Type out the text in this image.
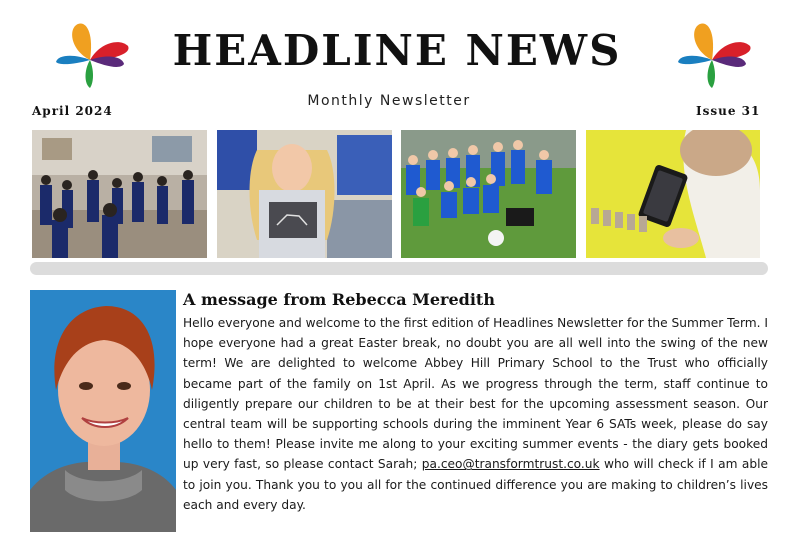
HEADLINE NEWS
Monthly Newsletter
April 2024	Issue 31
A message from Rebecca Meredith
Hello everyone and welcome to the first edition of Headlines Newsletter for the Summer Term. I hope everyone had a great Easter break, no doubt you are all well into the swing of the new term! We are delighted to welcome Abbey Hill Primary School to the Trust who officially became part of the family on 1st April. As we progress through the term, staff continue to diligently prepare our children to be at their best for the upcoming assessment season. Our central team will be supporting schools during the imminent Year 6 SATs week, please do say hello to them! Please invite me along to your exciting summer events - the diary gets booked up very fast, so please contact Sarah; pa.ceo@transformtrust.co.uk who will check if I am able to join you. Thank you to you all for the continued difference you are making to children’s lives each and every day.
